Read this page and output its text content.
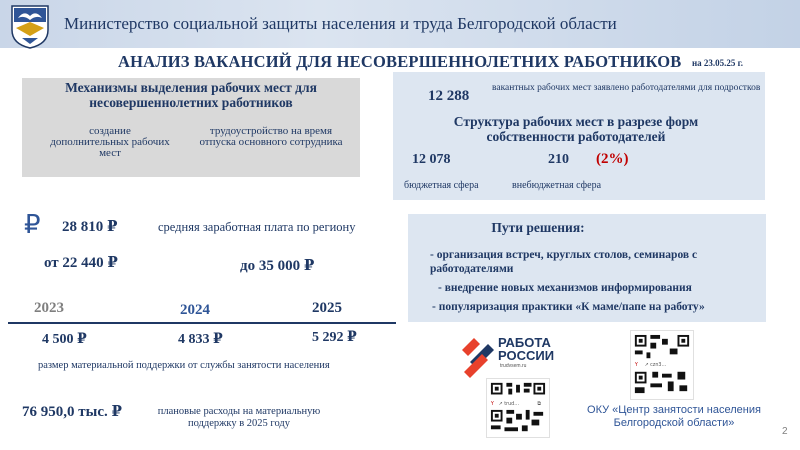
Министерство социальной защиты населения и труда Белгородской области
АНАЛИЗ ВАКАНСИЙ ДЛЯ НЕСОВЕРШЕННОЛЕТНИХ РАБОТНИКОВ на 23.05.25 г.
Механизмы выделения рабочих мест для несовершеннолетних работников
создание дополнительных рабочих мест
трудоустройство на время отпуска основного сотрудника
12 288 вакантных рабочих мест заявлено работодателями для подростков
Структура рабочих мест в разрезе форм собственности работодателей
12 078	210 (2%)
бюджетная сфера	внебюджетная сфера
₽ 28 810 ₽	средняя заработная плата по региону
от 22 440 ₽	до 35 000 ₽
Пути решения:
- организация встреч, круглых столов, семинаров с работодателями
- внедрение новых механизмов информирования
- популяризация практики «К маме/папе на работу»
2023	2024	2025
4 500 ₽	4 833 ₽	5 292 ₽
размер материальной поддержки от службы занятости населения
76 950,0 тыс. ₽	плановые расходы на материальную поддержку в 2025 году
РАБОТА
РОССИИ
trudvsem.ru
Y ↗ trud…	⧉
Y ↗ czn3…
ОКУ «Центр занятости населения Белгородской области»
2
